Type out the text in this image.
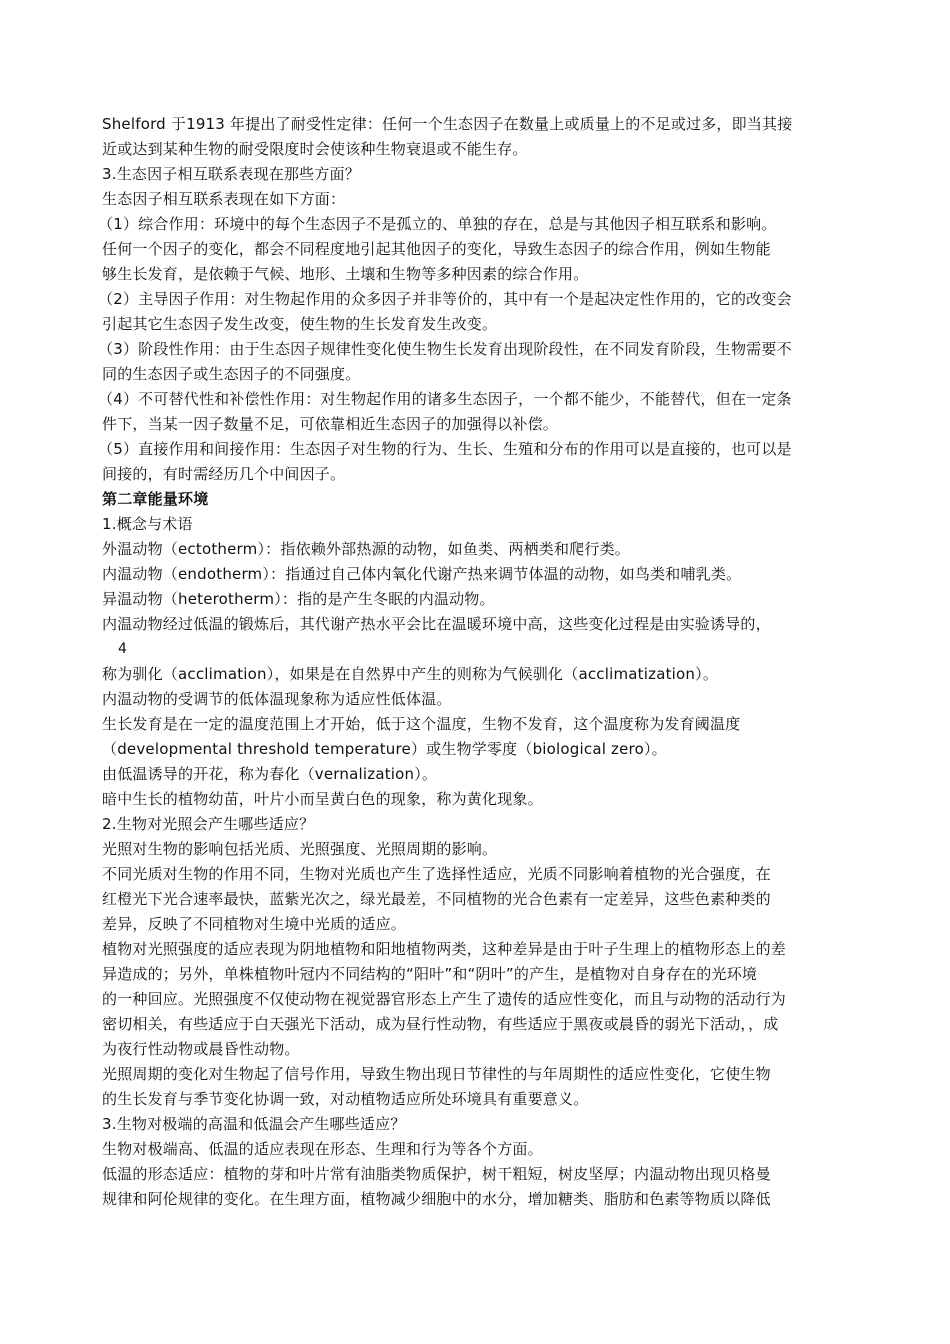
Shelford 于1913 年提出了耐受性定律：任何一个生态因子在数量上或质量上的不足或过多，即当其接
近或达到某种生物的耐受限度时会使该种生物衰退或不能生存。
3.生态因子相互联系表现在那些方面？
生态因子相互联系表现在如下方面：
（1）综合作用：环境中的每个生态因子不是孤立的、单独的存在，总是与其他因子相互联系和影响。
任何一个因子的变化，都会不同程度地引起其他因子的变化，导致生态因子的综合作用，例如生物能
够生长发育，是依赖于气候、地形、土壤和生物等多种因素的综合作用。
（2）主导因子作用：对生物起作用的众多因子并非等价的，其中有一个是起决定性作用的，它的改变会
引起其它生态因子发生改变，使生物的生长发育发生改变。
（3）阶段性作用：由于生态因子规律性变化使生物生长发育出现阶段性，在不同发育阶段，生物需要不
同的生态因子或生态因子的不同强度。
（4）不可替代性和补偿性作用：对生物起作用的诸多生态因子，一个都不能少，不能替代，但在一定条
件下，当某一因子数量不足，可依靠相近生态因子的加强得以补偿。
（5）直接作用和间接作用：生态因子对生物的行为、生长、生殖和分布的作用可以是直接的，也可以是
间接的，有时需经历几个中间因子。
第二章能量环境
1.概念与术语
外温动物（ectotherm）：指依赖外部热源的动物，如鱼类、两栖类和爬行类。
内温动物（endotherm）：指通过自己体内氧化代谢产热来调节体温的动物，如鸟类和哺乳类。
异温动物（heterotherm）：指的是产生冬眠的内温动物。
内温动物经过低温的锻炼后，其代谢产热水平会比在温暖环境中高，这些变化过程是由实验诱导的，
4
称为驯化（acclimation），如果是在自然界中产生的则称为气候驯化（acclimatization）。
内温动物的受调节的低体温现象称为适应性低体温。
生长发育是在一定的温度范围上才开始，低于这个温度，生物不发育，这个温度称为发育阈温度
（developmental threshold temperature）或生物学零度（biological zero）。
由低温诱导的开花，称为春化（vernalization）。
暗中生长的植物幼苗，叶片小而呈黄白色的现象，称为黄化现象。
2.生物对光照会产生哪些适应？
光照对生物的影响包括光质、光照强度、光照周期的影响。
不同光质对生物的作用不同，生物对光质也产生了选择性适应，光质不同影响着植物的光合强度，在
红橙光下光合速率最快，蓝紫光次之，绿光最差，不同植物的光合色素有一定差异，这些色素种类的
差异，反映了不同植物对生境中光质的适应。
植物对光照强度的适应表现为阴地植物和阳地植物两类，这种差异是由于叶子生理上的植物形态上的差
异造成的；另外，单株植物叶冠内不同结构的“阳叶”和“阴叶”的产生，是植物对自身存在的光环境
的一种回应。光照强度不仅使动物在视觉器官形态上产生了遗传的适应性变化，而且与动物的活动行为
密切相关，有些适应于白天强光下活动，成为昼行性动物，有些适应于黑夜或晨昏的弱光下活动，，成
为夜行性动物或晨昏性动物。
光照周期的变化对生物起了信号作用，导致生物出现日节律性的与年周期性的适应性变化，它使生物
的生长发育与季节变化协调一致，对动植物适应所处环境具有重要意义。
3.生物对极端的高温和低温会产生哪些适应？
生物对极端高、低温的适应表现在形态、生理和行为等各个方面。
低温的形态适应：植物的芽和叶片常有油脂类物质保护，树干粗短，树皮坚厚；内温动物出现贝格曼
规律和阿伦规律的变化。在生理方面，植物减少细胞中的水分，增加糖类、脂肪和色素等物质以降低
